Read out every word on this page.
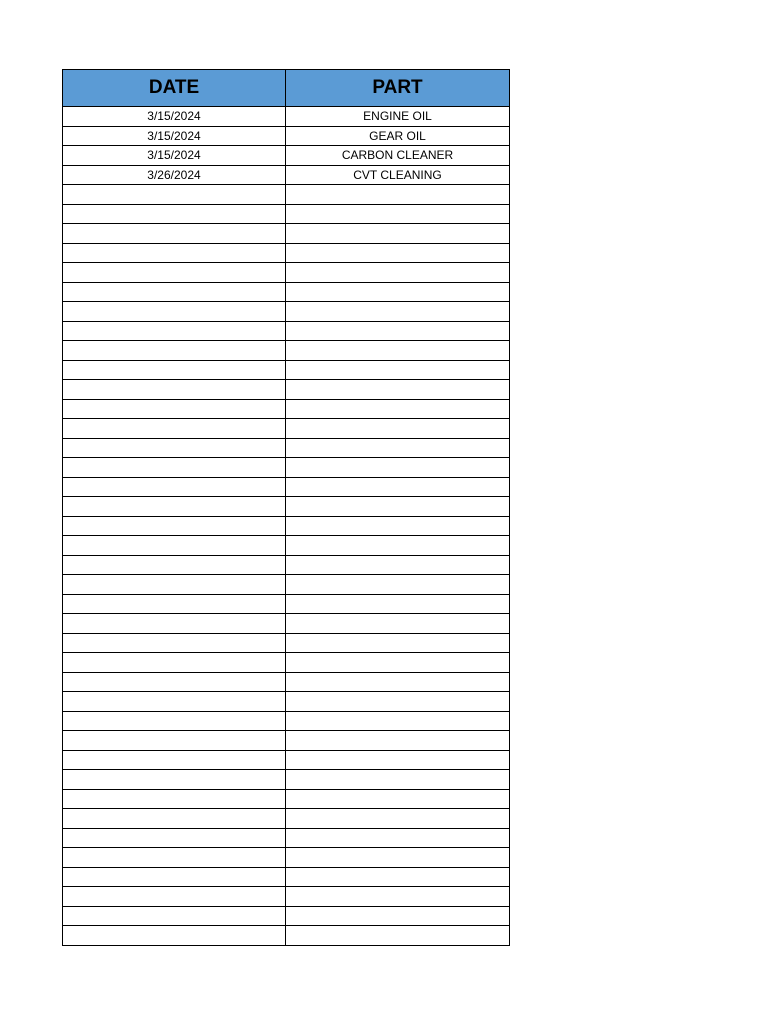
DATE	PART
3/15/2024	ENGINE OIL
3/15/2024	GEAR OIL
3/15/2024	CARBON CLEANER
3/26/2024	CVT CLEANING
